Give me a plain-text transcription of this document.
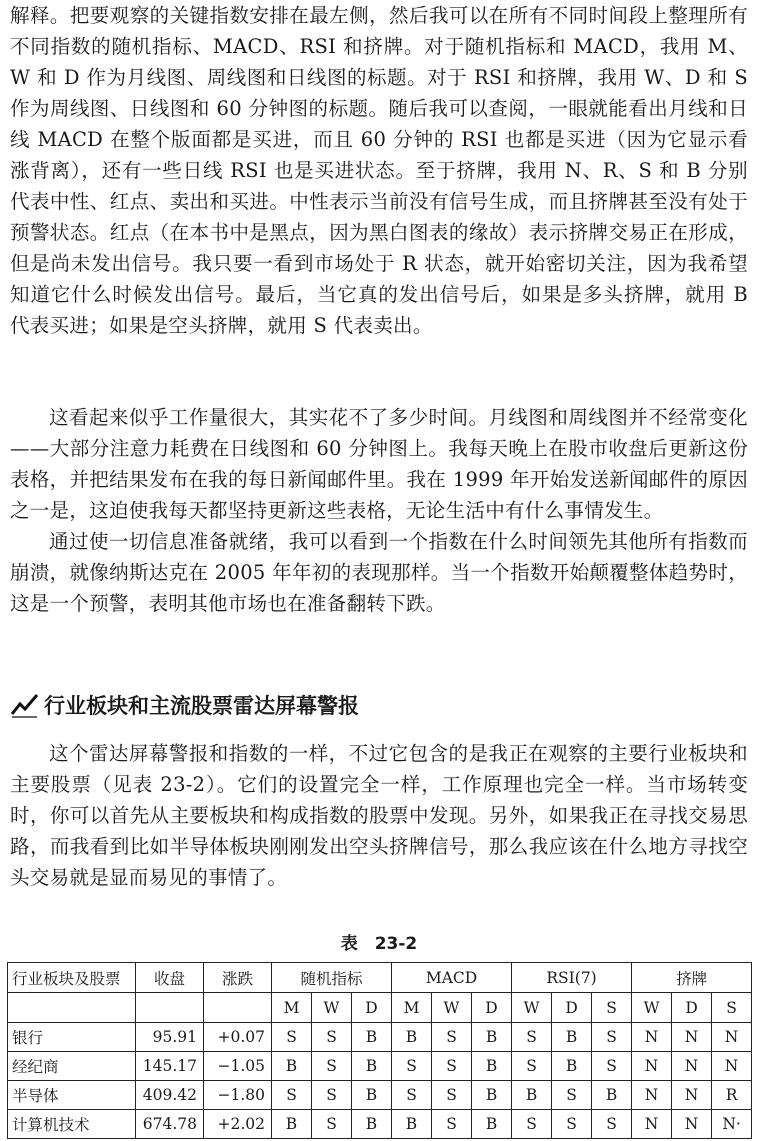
解释。把要观察的关键指数安排在最左侧，然后我可以在所有不同时间段上整理所有不同指数的随机指标、MACD、RSI 和挤牌。对于随机指标和 MACD，我用 M、W 和 D 作为月线图、周线图和日线图的标题。对于 RSI 和挤牌，我用 W、D 和 S 作为周线图、日线图和 60 分钟图的标题。随后我可以查阅，一眼就能看出月线和日线 MACD 在整个版面都是买进，而且 60 分钟的 RSI 也都是买进（因为它显示看涨背离），还有一些日线 RSI 也是买进状态。至于挤牌，我用 N、R、S 和 B 分别代表中性、红点、卖出和买进。中性表示当前没有信号生成，而且挤牌甚至没有处于预警状态。红点（在本书中是黑点，因为黑白图表的缘故）表示挤牌交易正在形成，但是尚未发出信号。我只要一看到市场处于 R 状态，就开始密切关注，因为我希望知道它什么时候发出信号。最后，当它真的发出信号后，如果是多头挤牌，就用 B 代表买进；如果是空头挤牌，就用 S 代表卖出。

这看起来似乎工作量很大，其实花不了多少时间。月线图和周线图并不经常变化——大部分注意力耗费在日线图和 60 分钟图上。我每天晚上在股市收盘后更新这份表格，并把结果发布在我的每日新闻邮件里。我在 1999 年开始发送新闻邮件的原因之一是，这迫使我每天都坚持更新这些表格，无论生活中有什么事情发生。

通过使一切信息准备就绪，我可以看到一个指数在什么时间领先其他所有指数而崩溃，就像纳斯达克在 2005 年年初的表现那样。当一个指数开始颠覆整体趋势时，这是一个预警，表明其他市场也在准备翻转下跌。

行业板块和主流股票雷达屏幕警报

这个雷达屏幕警报和指数的一样，不过它包含的是我正在观察的主要行业板块和主要股票（见表 23-2）。它们的设置完全一样，工作原理也完全一样。当市场转变时，你可以首先从主要板块和构成指数的股票中发现。另外，如果我正在寻找交易思路，而我看到比如半导体板块刚刚发出空头挤牌信号，那么我应该在什么地方寻找空头交易就是显而易见的事情了。

表　23-2
行业板块及股票	收盘	涨跌	随机指标			MACD			RSI(7)			挤牌		
			M	W	D	M	W	D	W	D	S	W	D	S
银行	95.91	+0.07	S	S	B	B	S	B	S	B	S	N	N	N
经纪商	145.17	−1.05	B	S	B	S	S	B	S	B	S	N	N	N
半导体	409.42	−1.80	S	S	B	S	S	B	B	S	B	N	N	R
计算机技术	674.78	+2.02	B	S	B	B	S	B	S	S	S	N	N	N·
